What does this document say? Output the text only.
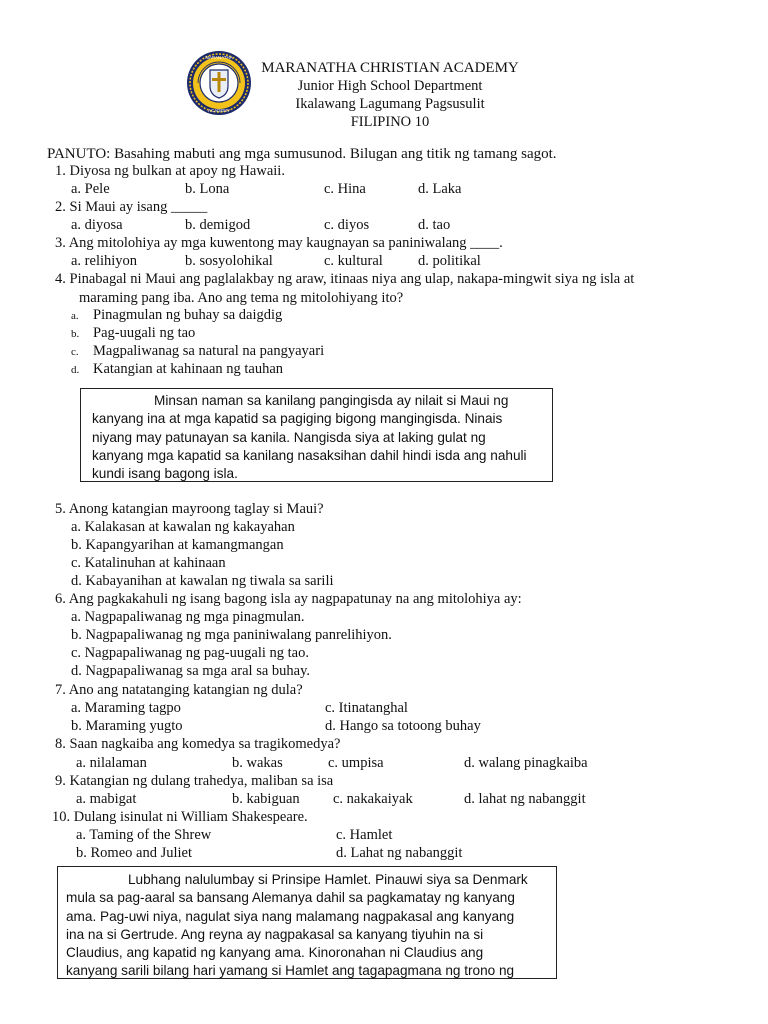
MARANATHA
ACADEMY
MARANATHA CHRISTIAN ACADEMY
Junior High School Department
Ikalawang Lagumang Pagsusulit
FILIPINO 10
PANUTO: Basahing mabuti ang mga sumusunod. Bilugan ang titik ng tamang sagot.
1. Diyosa ng bulkan at apoy ng Hawaii.
a. Pele	b. Lona	c. Hina	d. Laka
2. Si Maui ay isang _____
a. diyosa	b. demigod	c. diyos	d. tao
3. Ang mitolohiya ay mga kuwentong may kaugnayan sa paniniwalang ____.
a. relihiyon	b. sosyolohikal	c. kultural d. politikal
4. Pinabagal ni Maui ang paglalakbay ng araw, itinaas niya ang ulap, nakapa-mingwit siya ng isla at
maraming pang iba. Ano ang tema ng mitolohiyang ito?
a. Pinagmulan ng buhay sa daigdig
b. Pag-uugali ng tao
c. Magpaliwanag sa natural na pangyayari
d. Katangian at kahinaan ng tauhan

Minsan naman sa kanilang pangingisda ay nilait si Maui ng

kanyang ina at mga kapatid sa pagiging bigong mangingisda. Ninais

niyang may patunayan sa kanila. Nangisda siya at laking gulat ng

kanyang mga kapatid sa kanilang nasaksihan dahil hindi isda ang nahuli

kundi isang bagong isla.

5. Anong katangian mayroong taglay si Maui?
a. Kalakasan at kawalan ng kakayahan
b. Kapangyarihan at kamangmangan
c. Katalinuhan at kahinaan
d. Kabayanihan at kawalan ng tiwala sa sarili
6. Ang pagkakahuli ng isang bagong isla ay nagpapatunay na ang mitolohiya ay:
a. Nagpapaliwanag ng mga pinagmulan.
b. Nagpapaliwanag ng mga paniniwalang panrelihiyon.
c. Nagpapaliwanag ng pag-uugali ng tao.
d. Nagpapaliwanag sa mga aral sa buhay.
7. Ano ang natatanging katangian ng dula?
a. Maraming tagpo	c. Itinatanghal
b. Maraming yugto	d. Hango sa totoong buhay
8. Saan nagkaiba ang komedya sa tragikomedya?
a. nilalaman	b. wakas	c. umpisa	d. walang pinagkaiba
9. Katangian ng dulang trahedya, maliban sa isa
a. mabigat	b. kabiguan c. nakakaiyak	d. lahat ng nabanggit
10. Dulang isinulat ni William Shakespeare.
a. Taming of the Shrew	c. Hamlet
b. Romeo and Juliet	d. Lahat ng nabanggit

Lubhang nalulumbay si Prinsipe Hamlet. Pinauwi siya sa Denmark

mula sa pag-aaral sa bansang Alemanya dahil sa pagkamatay ng kanyang

ama. Pag-uwi niya, nagulat siya nang malamang nagpakasal ang kanyang

ina na si Gertrude. Ang reyna ay nagpakasal sa kanyang tiyuhin na si

Claudius, ang kapatid ng kanyang ama. Kinoronahan ni Claudius ang

kanyang sarili bilang hari yamang si Hamlet ang tagapagmana ng trono ng
